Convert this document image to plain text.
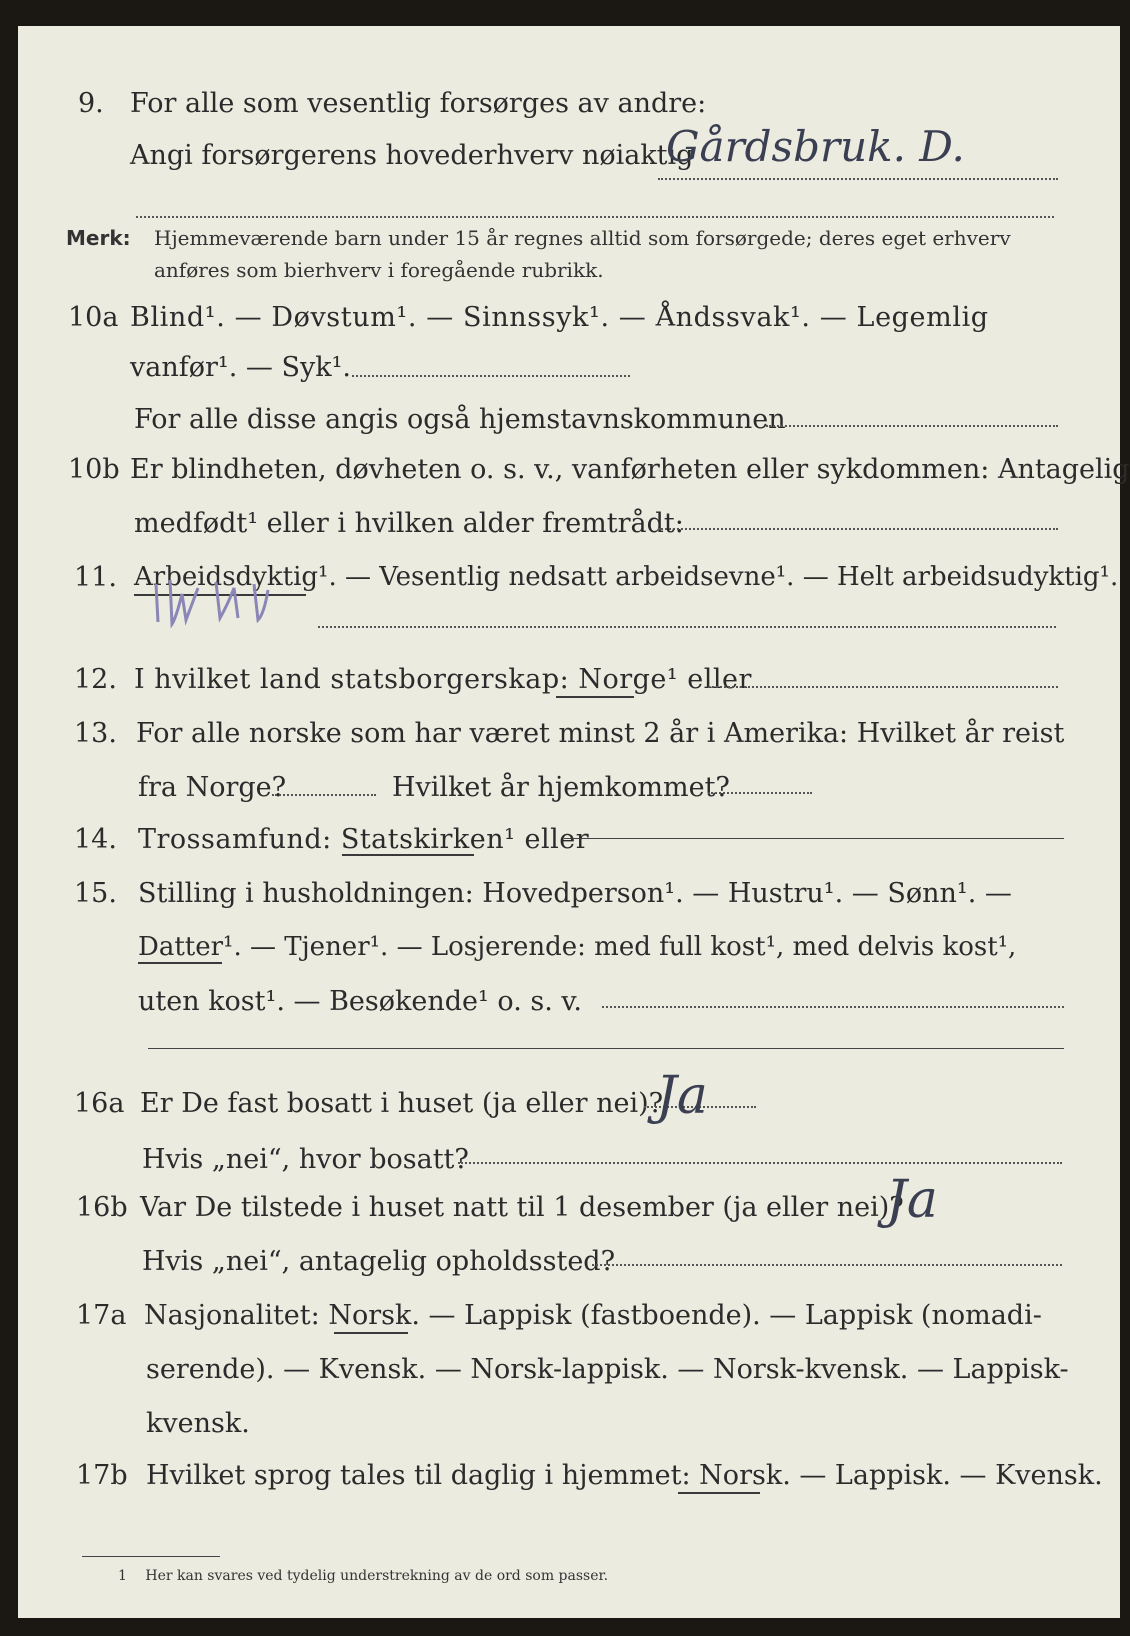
9. For alle som vesentlig forsørges av andre:
Angi forsørgerens hovederhverv nøiaktig
Gårdsbruk. D.
Merk: Hjemmeværende barn under 15 år regnes alltid som forsørgede; deres eget erhverv
anføres som bierhverv i foregående rubrikk.
10a Blind¹. — Døvstum¹. — Sinnssyk¹. — Åndssvak¹. — Legemlig
vanfør¹. — Syk¹.
For alle disse angis også hjemstavnskommunen
10b Er blindheten, døvheten o. s. v., vanførheten eller sykdommen: Antagelig
medfødt¹ eller i hvilken alder fremtrådt:
11. Arbeidsdyktig¹. — Vesentlig nedsatt arbeidsevne¹. — Helt arbeidsudyktig¹.
12. I hvilket land statsborgerskap: Norge¹ eller
13. For alle norske som har været minst 2 år i Amerika: Hvilket år reist
fra Norge?	Hvilket år hjemkommet?
14. Trossamfund: Statskirken¹ eller
15. Stilling i husholdningen: Hovedperson¹. — Hustru¹. — Sønn¹. —
Datter¹. — Tjener¹. — Losjerende: med full kost¹, med delvis kost¹,
uten kost¹. — Besøkende¹ o. s. v.
16a Er De fast bosatt i huset (ja eller nei)?
Ja
Hvis „nei“, hvor bosatt?
16b Var De tilstede i huset natt til 1 desember (ja eller nei)?
Ja
Hvis „nei“, antagelig opholdssted?
17a Nasjonalitet: Norsk. — Lappisk (fastboende). — Lappisk (nomadi-
serende). — Kvensk. — Norsk-lappisk. — Norsk-kvensk. — Lappisk-
kvensk.
17b Hvilket sprog tales til daglig i hjemmet: Norsk. — Lappisk. — Kvensk.
1 Her kan svares ved tydelig understrekning av de ord som passer.
